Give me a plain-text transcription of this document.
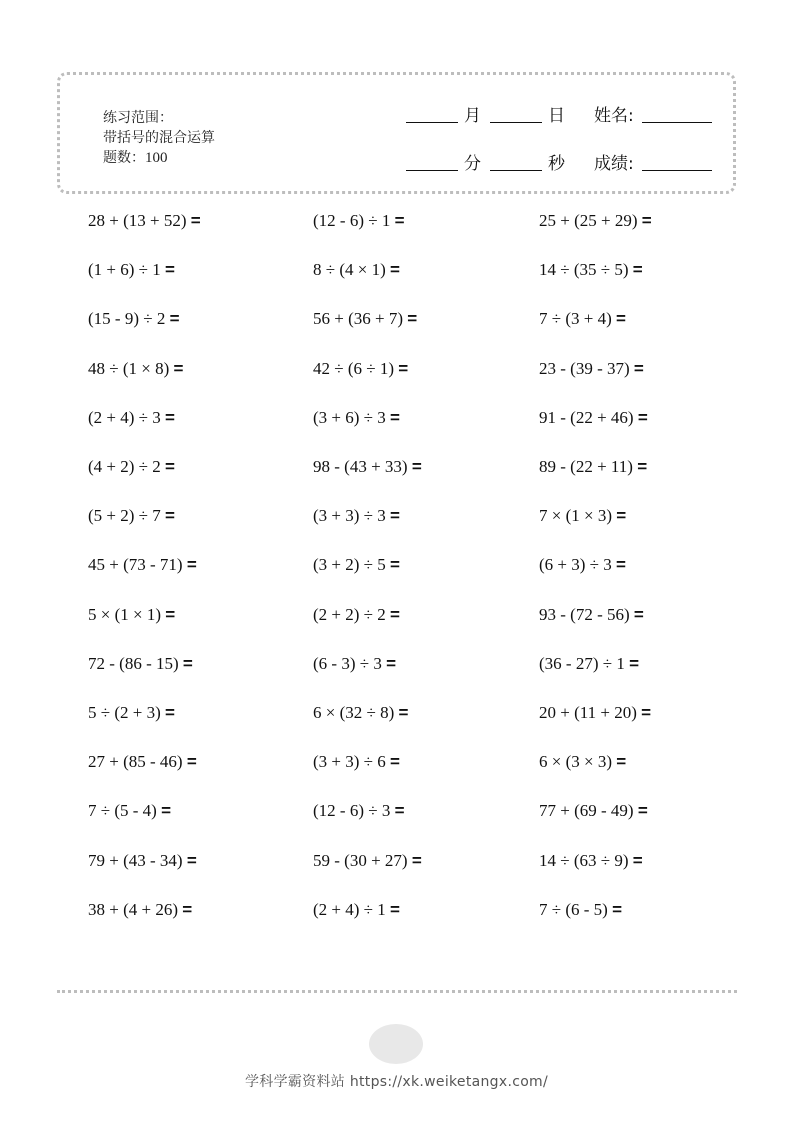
练习范围：
带括号的混合运算
题数：100
月	日 姓名:
分	秒 成绩:
28 + (13 + 52) =	(12 - 6) ÷ 1 =	25 + (25 + 29) =
(1 + 6) ÷ 1 =	8 ÷ (4 × 1) =	14 ÷ (35 ÷ 5) =
(15 - 9) ÷ 2 =	56 + (36 + 7) =	7 ÷ (3 + 4) =
48 ÷ (1 × 8) =	42 ÷ (6 ÷ 1) =	23 - (39 - 37) =
(2 + 4) ÷ 3 =	(3 + 6) ÷ 3 =	91 - (22 + 46) =
(4 + 2) ÷ 2 =	98 - (43 + 33) =	89 - (22 + 11) =
(5 + 2) ÷ 7 =	(3 + 3) ÷ 3 =	7 × (1 × 3) =
45 + (73 - 71) =	(3 + 2) ÷ 5 =	(6 + 3) ÷ 3 =
5 × (1 × 1) =	(2 + 2) ÷ 2 =	93 - (72 - 56) =
72 - (86 - 15) =	(6 - 3) ÷ 3 =	(36 - 27) ÷ 1 =
5 ÷ (2 + 3) =	6 × (32 ÷ 8) =	20 + (11 + 20) =
27 + (85 - 46) =	(3 + 3) ÷ 6 =	6 × (3 × 3) =
7 ÷ (5 - 4) =	(12 - 6) ÷ 3 =	77 + (69 - 49) =
79 + (43 - 34) =	59 - (30 + 27) =	14 ÷ (63 ÷ 9) =
38 + (4 + 26) =	(2 + 4) ÷ 1 =	7 ÷ (6 - 5) =
学科学霸资料站 https://xk.weiketangx.com/
